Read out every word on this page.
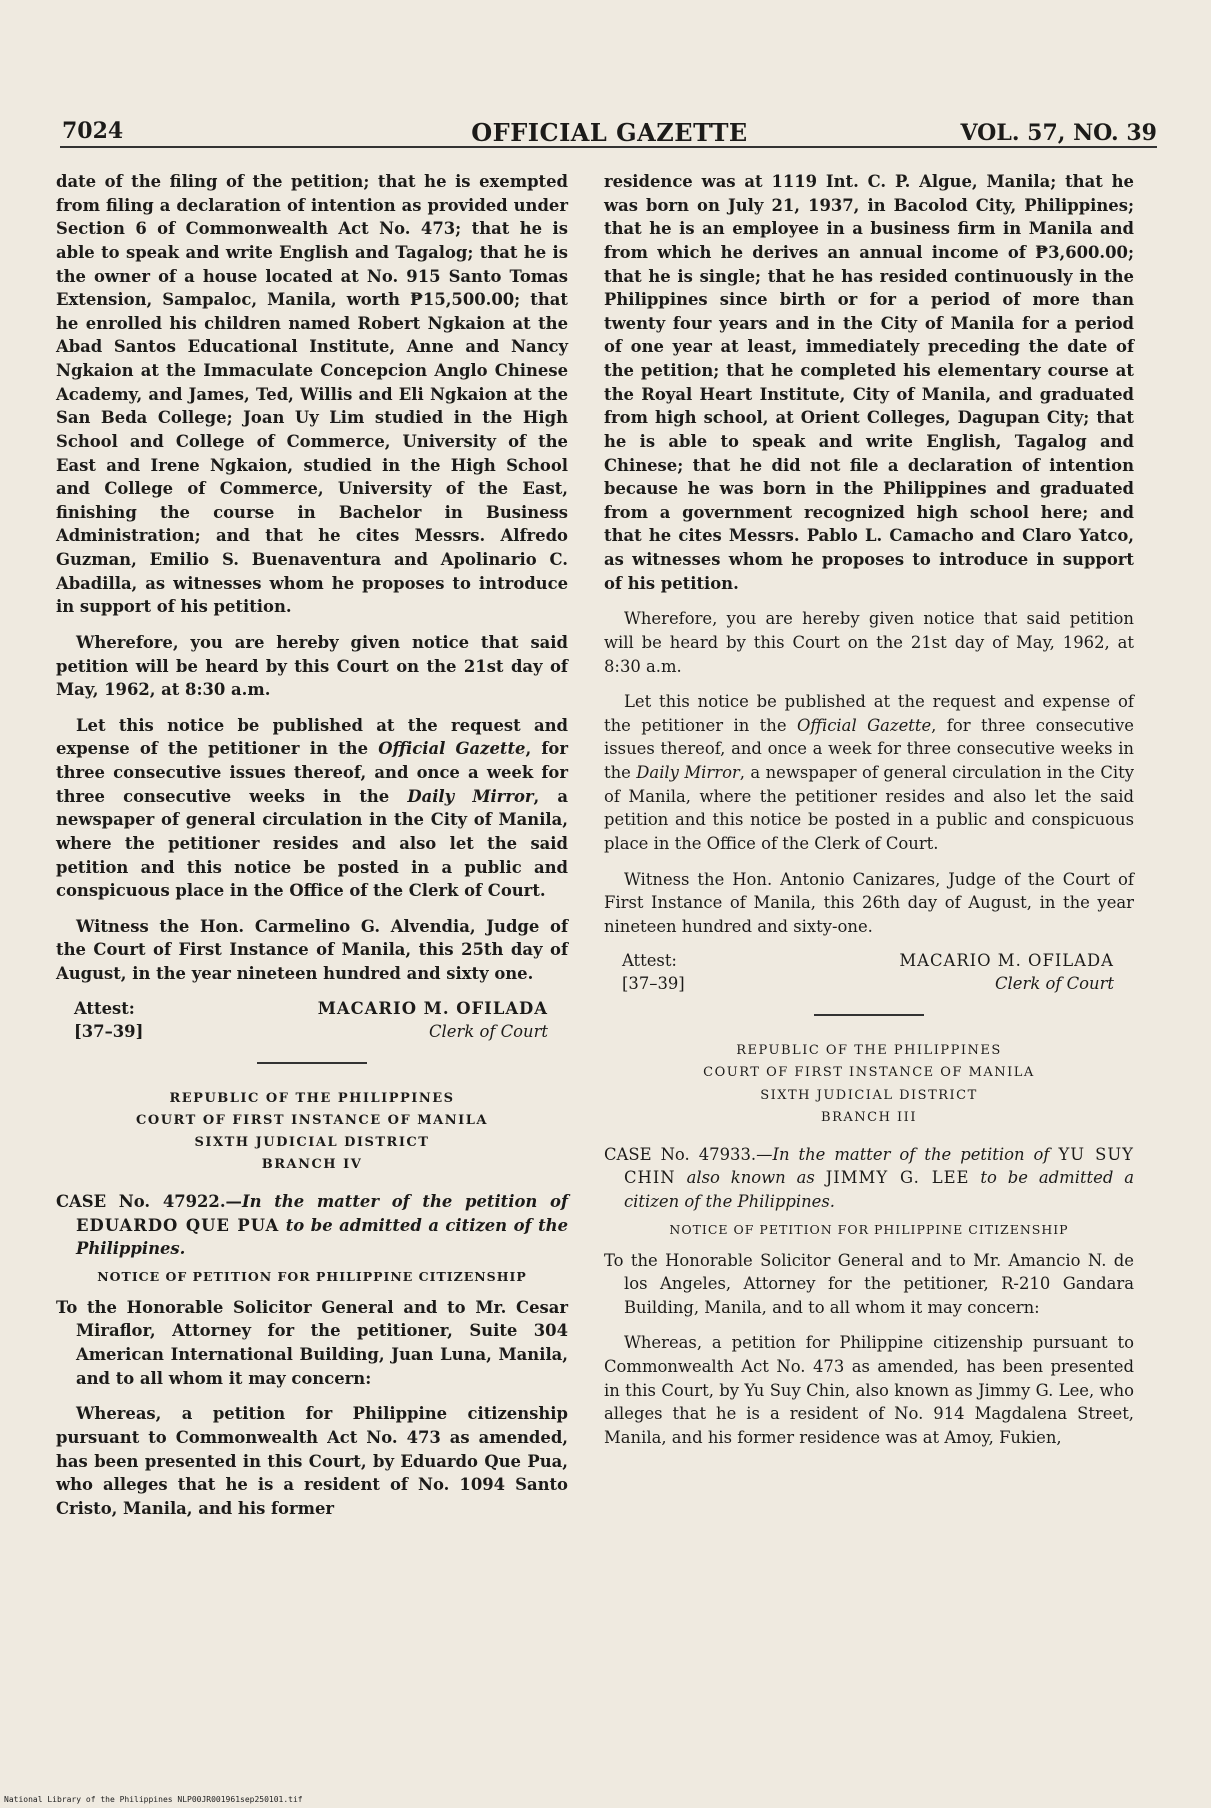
7024	OFFICIAL GAZETTE	VOL. 57, NO. 39

date of the filing of the petition; that he is exempted from filing a declaration of intention as provided under Section 6 of Commonwealth Act No. 473; that he is able to speak and write English and Tagalog; that he is the owner of a house located at No. 915 Santo Tomas Extension, Sampaloc, Manila, worth ₱15,500.00; that he enrolled his children named Robert Ngkaion at the Abad Santos Educational Institute, Anne and Nancy Ngkaion at the Immaculate Concepcion Anglo Chinese Academy, and James, Ted, Willis and Eli Ngkaion at the San Beda College; Joan Uy Lim studied in the High School and College of Commerce, University of the East and Irene Ngkaion, studied in the High School and College of Commerce, University of the East, finishing the course in Bachelor in Business Administration; and that he cites Messrs. Alfredo Guzman, Emilio S. Buenaventura and Apolinario C. Abadilla, as witnesses whom he proposes to introduce in support of his petition.

Wherefore, you are hereby given notice that said petition will be heard by this Court on the 21st day of May, 1962, at 8:30 a.m.

Let this notice be published at the request and expense of the petitioner in the Official Gazette, for three consecutive issues thereof, and once a week for three consecutive weeks in the Daily Mirror, a newspaper of general circulation in the City of Manila, where the petitioner resides and also let the said petition and this notice be posted in a public and conspicuous place in the Office of the Clerk of Court.

Witness the Hon. Carmelino G. Alvendia, Judge of the Court of First Instance of Manila, this 25th day of August, in the year nineteen hundred and sixty one.

Attest:
[37–39]
MACARIO M. OFILADA
Clerk of Court
REPUBLIC OF THE PHILIPPINES
COURT OF FIRST INSTANCE OF MANILA
SIXTH JUDICIAL DISTRICT
BRANCH IV

CASE No. 47922.—In the matter of the petition of EDUARDO QUE PUA to be admitted a citizen of the Philippines.

NOTICE OF PETITION FOR PHILIPPINE CITIZENSHIP

To the Honorable Solicitor General and to Mr. Cesar Miraflor, Attorney for the petitioner, Suite 304 American International Building, Juan Luna, Manila, and to all whom it may concern:

Whereas, a petition for Philippine citizenship pursuant to Commonwealth Act No. 473 as amended, has been presented in this Court, by Eduardo Que Pua, who alleges that he is a resident of No. 1094 Santo Cristo, Manila, and his former

residence was at 1119 Int. C. P. Algue, Manila; that he was born on July 21, 1937, in Bacolod City, Philippines; that he is an employee in a business firm in Manila and from which he derives an annual income of ₱3,600.00; that he is single; that he has resided continuously in the Philippines since birth or for a period of more than twenty four years and in the City of Manila for a period of one year at least, immediately preceding the date of the petition; that he completed his elementary course at the Royal Heart Institute, City of Manila, and graduated from high school, at Orient Colleges, Dagupan City; that he is able to speak and write English, Tagalog and Chinese; that he did not file a declaration of intention because he was born in the Philippines and graduated from a government recognized high school here; and that he cites Messrs. Pablo L. Camacho and Claro Yatco, as witnesses whom he proposes to introduce in support of his petition.

Wherefore, you are hereby given notice that said petition will be heard by this Court on the 21st day of May, 1962, at 8:30 a.m.

Let this notice be published at the request and expense of the petitioner in the Official Gazette, for three consecutive issues thereof, and once a week for three consecutive weeks in the Daily Mirror, a newspaper of general circulation in the City of Manila, where the petitioner resides and also let the said petition and this notice be posted in a public and conspicuous place in the Office of the Clerk of Court.

Witness the Hon. Antonio Canizares, Judge of the Court of First Instance of Manila, this 26th day of August, in the year nineteen hundred and sixty-one.

Attest:
[37–39]
MACARIO M. OFILADA
Clerk of Court
REPUBLIC OF THE PHILIPPINES
COURT OF FIRST INSTANCE OF MANILA
SIXTH JUDICIAL DISTRICT
BRANCH III

CASE No. 47933.—In the matter of the petition of YU SUY CHIN also known as JIMMY G. LEE to be admitted a citizen of the Philippines.

NOTICE OF PETITION FOR PHILIPPINE CITIZENSHIP

To the Honorable Solicitor General and to Mr. Amancio N. de los Angeles, Attorney for the petitioner, R-210 Gandara Building, Manila, and to all whom it may concern:

Whereas, a petition for Philippine citizenship pursuant to Commonwealth Act No. 473 as amended, has been presented in this Court, by Yu Suy Chin, also known as Jimmy G. Lee, who alleges that he is a resident of No. 914 Magdalena Street, Manila, and his former residence was at Amoy, Fukien,

National Library of the Philippines NLP00JR001961sep250101.tif
